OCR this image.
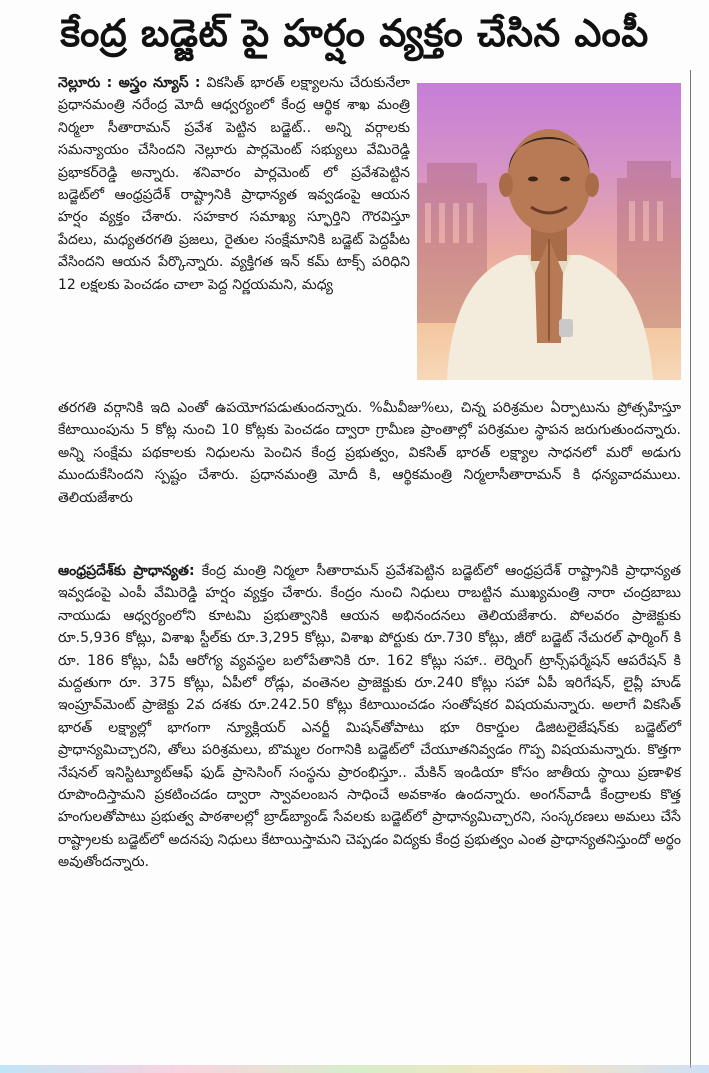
కేంద్ర బడ్జెట్ పై హర్షం వ్యక్తం చేసిన ఎంపీ
నెల్లూరు : అస్త్రం న్యూస్ : వికసిత్ భారత్ లక్ష్యాలను చేరుకునేలా ప్రధానమంత్రి నరేంద్ర మోదీ ఆధ్వర్యంలో కేంద్ర ఆర్థిక శాఖ మంత్రి నిర్మలా సీతారామన్ ప్రవేశ పెట్టిన బడ్జెట్.. అన్ని వర్గాలకు సమన్యాయం చేసిందని నెల్లూరు పార్లమెంట్ సభ్యులు వేమిరెడ్డి ప్రభాకర్‌రెడ్డి అన్నారు. శనివారం పార్లమెంట్ లో ప్రవేశపెట్టిన బడ్జెట్‌లో ఆంధ్రప్రదేశ్ రాష్ట్రానికి ప్రాధాన్యత ఇవ్వడంపై ఆయన హర్షం వ్యక్తం చేశారు. సహకార సమాఖ్య స్ఫూర్తిని గౌరవిస్తూ పేదలు, మధ్యతరగతి ప్రజలు, రైతుల సంక్షేమానికి బడ్జెట్ పెద్దపీట వేసిందని ఆయన పేర్కొన్నారు. వ్యక్తిగత ఇన్ కమ్ టాక్స్ పరిధిని 12 లక్షలకు పెంచడం చాలా పెద్ద నిర్ణయమని, మధ్య
తరగతి వర్గానికి ఇది ఎంతో ఉపయోగపడుతుందన్నారు. %మీవీజు%లు, చిన్న పరిశ్రమల ఏర్పాటును ప్రోత్సహిస్తూ కేటాయింపును 5 కోట్ల నుంచి 10 కోట్లకు పెంచడం ద్వారా గ్రామీణ ప్రాంతాల్లో పరిశ్రమల స్థాపన జరుగుతుందన్నారు. అన్ని సంక్షేమ పథకాలకు నిధులను పెంచిన కేంద్ర ప్రభుత్వం, వికసిత్ భారత్ లక్ష్యాల సాధనలో మరో అడుగు ముందుకేసిందని స్పష్టం చేశారు. ప్రధానమంత్రి మోదీ కి, ఆర్థికమంత్రి నిర్మలాసీతారామన్ కి ధన్యవాదములు. తెలియజేశారు
ఆంధ్రప్రదేశ్‌కు ప్రాధాన్యత: కేంద్ర మంత్రి నిర్మలా సీతారామన్ ప్రవేశపెట్టిన బడ్జెట్‌లో ఆంధ్రప్రదేశ్ రాష్ట్రానికి ప్రాధాన్యత ఇవ్వడంపై ఎంపీ వేమిరెడ్డి హర్షం వ్యక్తం చేశారు. కేంద్రం నుంచి నిధులు రాబట్టిన ముఖ్యమంత్రి నారా చంద్రబాబు నాయుడు ఆధ్వర్యంలోని కూటమి ప్రభుత్వానికి ఆయన అభినందనలు తెలియజేశారు. పోలవరం ప్రాజెక్టుకు రూ.5,936 కోట్లు, విశాఖ స్టీల్‌కు రూ.3,295 కోట్లు, విశాఖ పోర్టుకు రూ.730 కోట్లు, జీరో బడ్జెట్ నేచురల్ ఫార్మింగ్ కి రూ. 186 కోట్లు, ఏపీ ఆరోగ్య వ్యవస్థల బలోపేతానికి రూ. 162 కోట్లు సహా.. లెర్నింగ్ ట్రాన్స్‌ఫర్మేషన్ ఆపరేషన్ కి మద్దతుగా రూ. 375 కోట్లు, ఏపీలో రోడ్లు, వంతెనల ప్రాజెక్టుకు రూ.240 కోట్లు సహా ఏపీ ఇరిగేషన్, లైవ్లీ హుడ్ ఇంప్రూవ్‌మెంట్ ప్రాజెక్టు 2వ దశకు రూ.242.50 కోట్లు కేటాయించడం సంతోషకర విషయమన్నారు. అలాగే వికసిత్ భారత్ లక్ష్యాల్లో భాగంగా న్యూక్లియర్ ఎనర్జీ మిషన్‌తోపాటు భూ రికార్డుల డిజిటలైజేషన్‌కు బడ్జెట్‌లో ప్రాధాన్యమిచ్చారని, తోలు పరిశ్రమలు, బొమ్మల రంగానికి బడ్జెట్‌లో చేయూతనివ్వడం గొప్ప విషయమన్నారు. కొత్తగా నేషనల్ ఇనిస్టిట్యూట్‌ఆఫ్ ఫుడ్ ప్రాసెసింగ్ సంస్థను ప్రారంభిస్తూ.. మేకిన్ ఇండియా కోసం జాతీయ స్థాయి ప్రణాళిక రూపొందిస్తామని ప్రకటించడం ద్వారా స్వావలంబన సాధించే అవకాశం ఉందన్నారు. అంగన్‌వాడీ కేంద్రాలకు కొత్త హంగులతోపాటు ప్రభుత్వ పాఠశాలల్లో బ్రాడ్‌బ్యాండ్ సేవలకు బడ్జెట్‌లో ప్రాధాన్యమిచ్చారని, సంస్కరణలు అమలు చేసే రాష్ట్రాలకు బడ్జెట్‌లో అదనపు నిధులు కేటాయిస్తామని చెప్పడం విద్యకు కేంద్ర ప్రభుత్వం ఎంత ప్రాధాన్యతనిస్తుందో అర్థం అవుతోందన్నారు.
